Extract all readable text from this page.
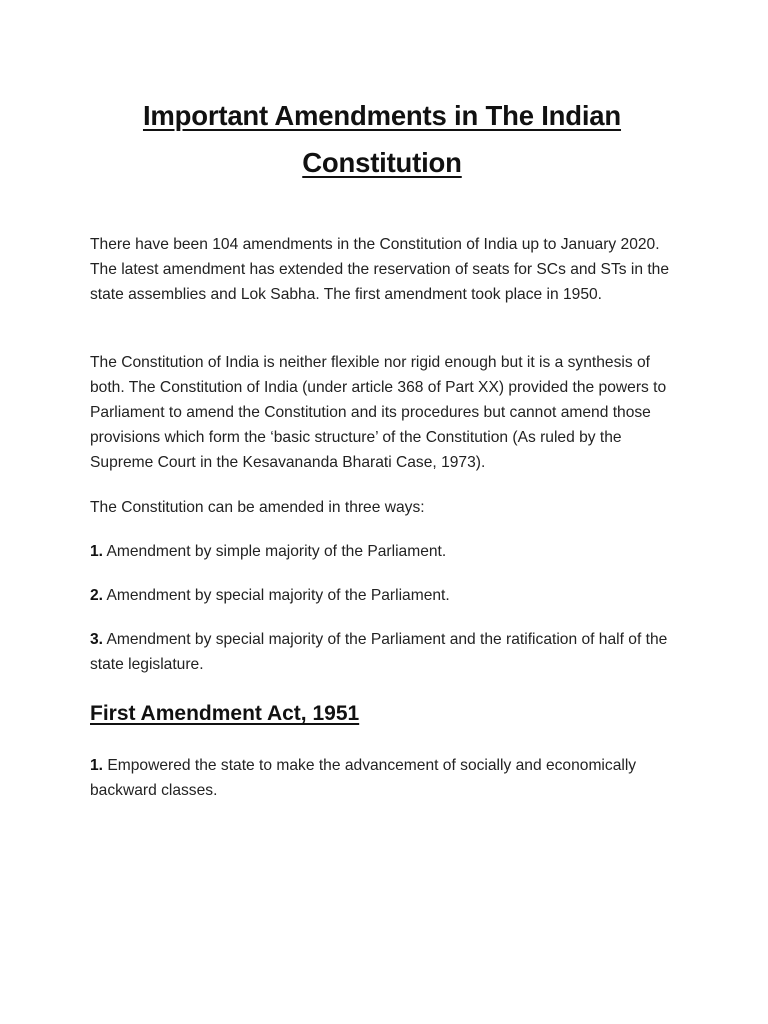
Important Amendments in The Indian Constitution

There have been 104 amendments in the Constitution of India up to January 2020. The latest amendment has extended the reservation of seats for SCs and STs in the state assemblies and Lok Sabha. The first amendment took place in 1950.

The Constitution of India is neither flexible nor rigid enough but it is a synthesis of both. The Constitution of India (under article 368 of Part XX) provided the powers to Parliament to amend the Constitution and its procedures but cannot amend those provisions which form the ‘basic structure’ of the Constitution (As ruled by the Supreme Court in the Kesavananda Bharati Case, 1973).

The Constitution can be amended in three ways:

1. Amendment by simple majority of the Parliament.

2. Amendment by special majority of the Parliament.

3. Amendment by special majority of the Parliament and the ratification of half of the state legislature.

First Amendment Act, 1951

1. Empowered the state to make the advancement of socially and economically backward classes.
